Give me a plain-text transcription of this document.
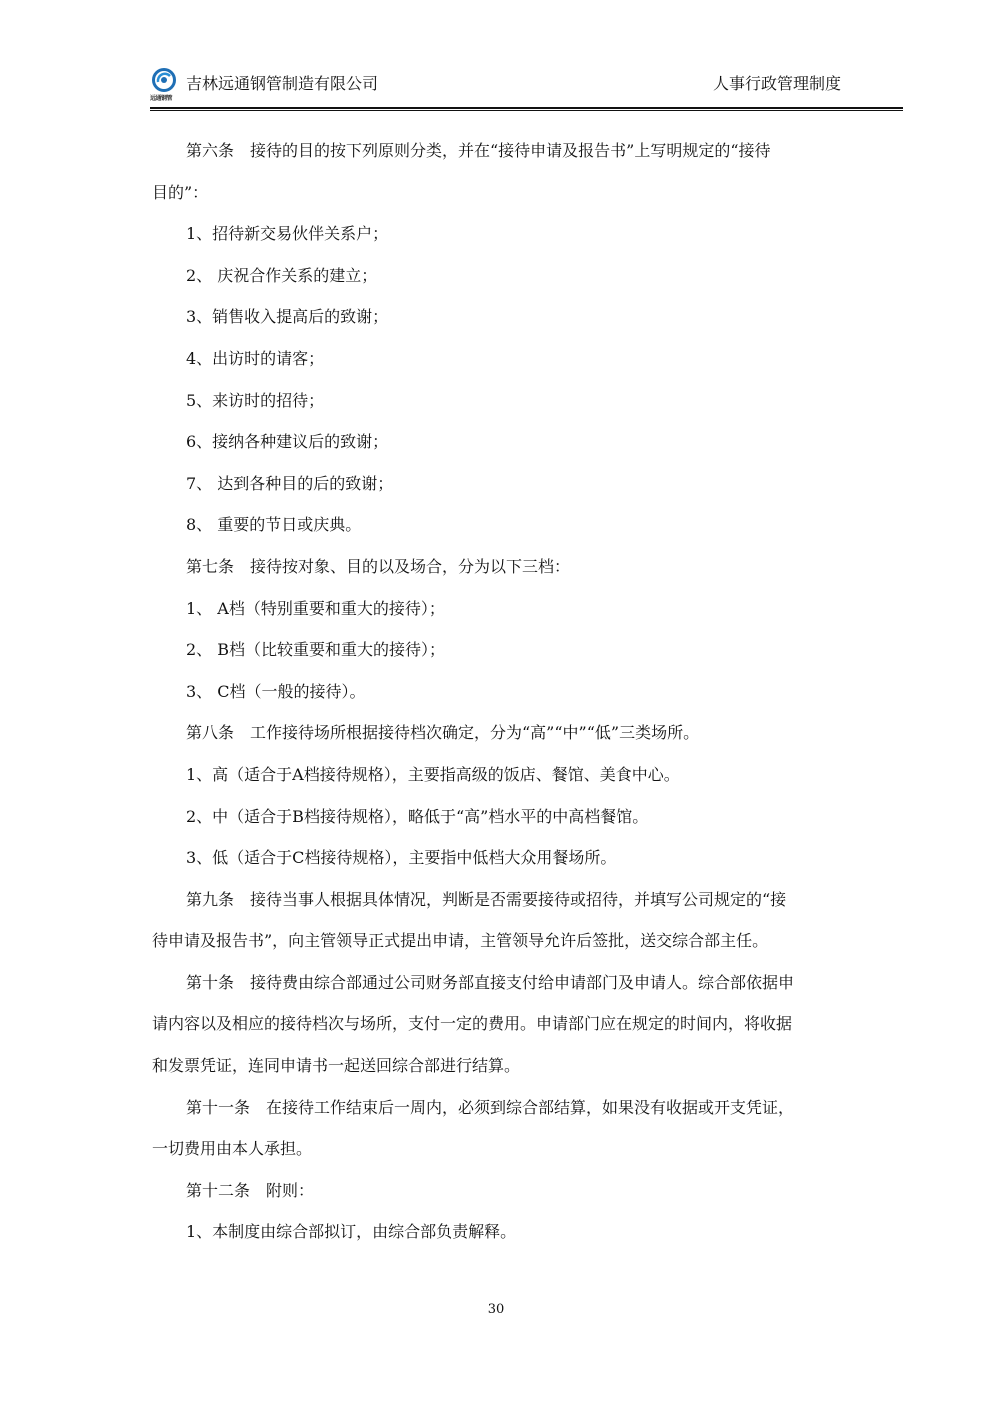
远通钢管
吉林远通钢管制造有限公司	人事行政管理制度
第六条　接待的目的按下列原则分类，并在“接待申请及报告书”上写明规定的“接待
目的”：
1、招待新交易伙伴关系户；
2、 庆祝合作关系的建立；
3、销售收入提高后的致谢；
4、出访时的请客；
5、来访时的招待；
6、接纳各种建议后的致谢；
7、 达到各种目的后的致谢；
8、 重要的节日或庆典。
第七条　接待按对象、目的以及场合，分为以下三档：
1、 A档（特别重要和重大的接待）；
2、 B档（比较重要和重大的接待）；
3、 C档（一般的接待）。
第八条　工作接待场所根据接待档次确定，分为“高”“中”“低”三类场所。
1、高（适合于A档接待规格），主要指高级的饭店、餐馆、美食中心。
2、中（适合于B档接待规格），略低于“高”档水平的中高档餐馆。
3、低（适合于C档接待规格），主要指中低档大众用餐场所。
第九条　接待当事人根据具体情况，判断是否需要接待或招待，并填写公司规定的“接
待申请及报告书”，向主管领导正式提出申请，主管领导允许后签批，送交综合部主任。
第十条　接待费由综合部通过公司财务部直接支付给申请部门及申请人。综合部依据申
请内容以及相应的接待档次与场所，支付一定的费用。申请部门应在规定的时间内，将收据
和发票凭证，连同申请书一起送回综合部进行结算。
第十一条　在接待工作结束后一周内，必须到综合部结算，如果没有收据或开支凭证，
一切费用由本人承担。
第十二条　附则：
1、本制度由综合部拟订，由综合部负责解释。
30
